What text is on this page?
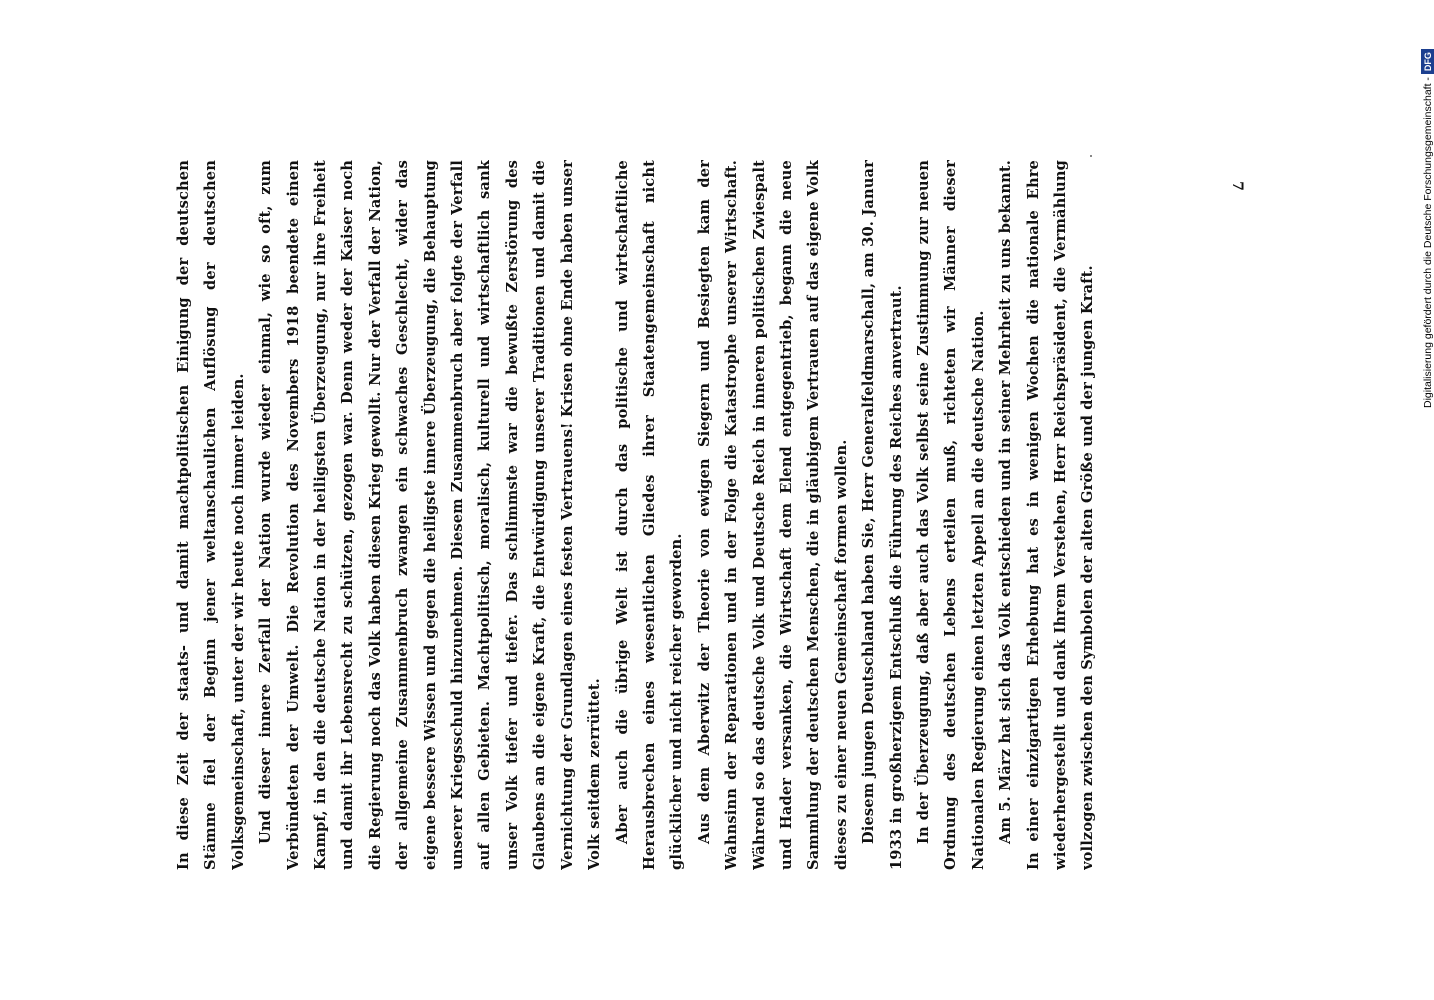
In diese Zeit der staats- und damit machtpolitischen Einigung der deutschen Stämme fiel der Beginn jener weltanschaulichen Auflösung der deutschen Volksgemeinschaft, unter der wir heute noch immer leiden. Und dieser innere Zerfall der Nation wurde wieder einmal, wie so oft, zum Verbündeten der Umwelt. Die Revolution des Novembers 1918 beendete einen Kampf, in den die deutsche Nation in der heiligsten Überzeugung, nur ihre Freiheit und damit ihr Lebensrecht zu schützen, gezogen war. Denn weder der Kaiser noch die Regierung noch das Volk haben diesen Krieg gewollt. Nur der Verfall der Nation, der allgemeine Zusammenbruch zwangen ein schwaches Geschlecht, wider das eigene bessere Wissen und gegen die heiligste innere Überzeugung, die Behauptung unserer Kriegsschuld hinzunehmen. Diesem Zusammenbruch aber folgte der Verfall auf allen Gebieten. Machtpolitisch, moralisch, kulturell und wirtschaftlich sank unser Volk tiefer und tiefer. Das schlimmste war die bewußte Zerstörung des Glaubens an die eigene Kraft, die Entwürdigung unserer Traditionen und damit die Vernichtung der Grundlagen eines festen Vertrauens! Krisen ohne Ende haben unser Volk seitdem zerrüttet. Aber auch die übrige Welt ist durch das politische und wirtschaftliche Herausbrechen eines wesentlichen Gliedes ihrer Staatengemeinschaft nicht glücklicher und nicht reicher geworden. Aus dem Aberwitz der Theorie von ewigen Siegern und Besiegten kam der Wahnsinn der Reparationen und in der Folge die Katastrophe unserer Wirtschaft. Während so das deutsche Volk und Deutsche Reich in inneren politischen Zwiespalt und Hader versanken, die Wirtschaft dem Elend entgegentrieb, begann die neue Sammlung der deutschen Menschen, die in gläubigem Vertrauen auf das eigene Volk dieses zu einer neuen Gemeinschaft formen wollen. Diesem jungen Deutschland haben Sie, Herr Generalfeldmarschall, am 30. Januar 1933 in großherzigem Entschluß die Führung des Reiches anvertraut. In der Überzeugung, daß aber auch das Volk selbst seine Zustimmung zur neuen Ordnung des deutschen Lebens erteilen muß, richteten wir Männer dieser Nationalen Regierung einen letzten Appell an die deutsche Nation. Am 5. März hat sich das Volk entschieden und in seiner Mehrheit zu uns bekannt. In einer einzigartigen Erhebung hat es in wenigen Wochen die nationale Ehre wiederhergestellt und dank Ihrem Verstehen, Herr Reichspräsident, die Vermählung vollzogen zwischen den Symbolen der alten Größe und der jungen Kraft.

7	Digitalisierung gefördert durch die Deutsche Forschungsgemeinschaft -
DFG
